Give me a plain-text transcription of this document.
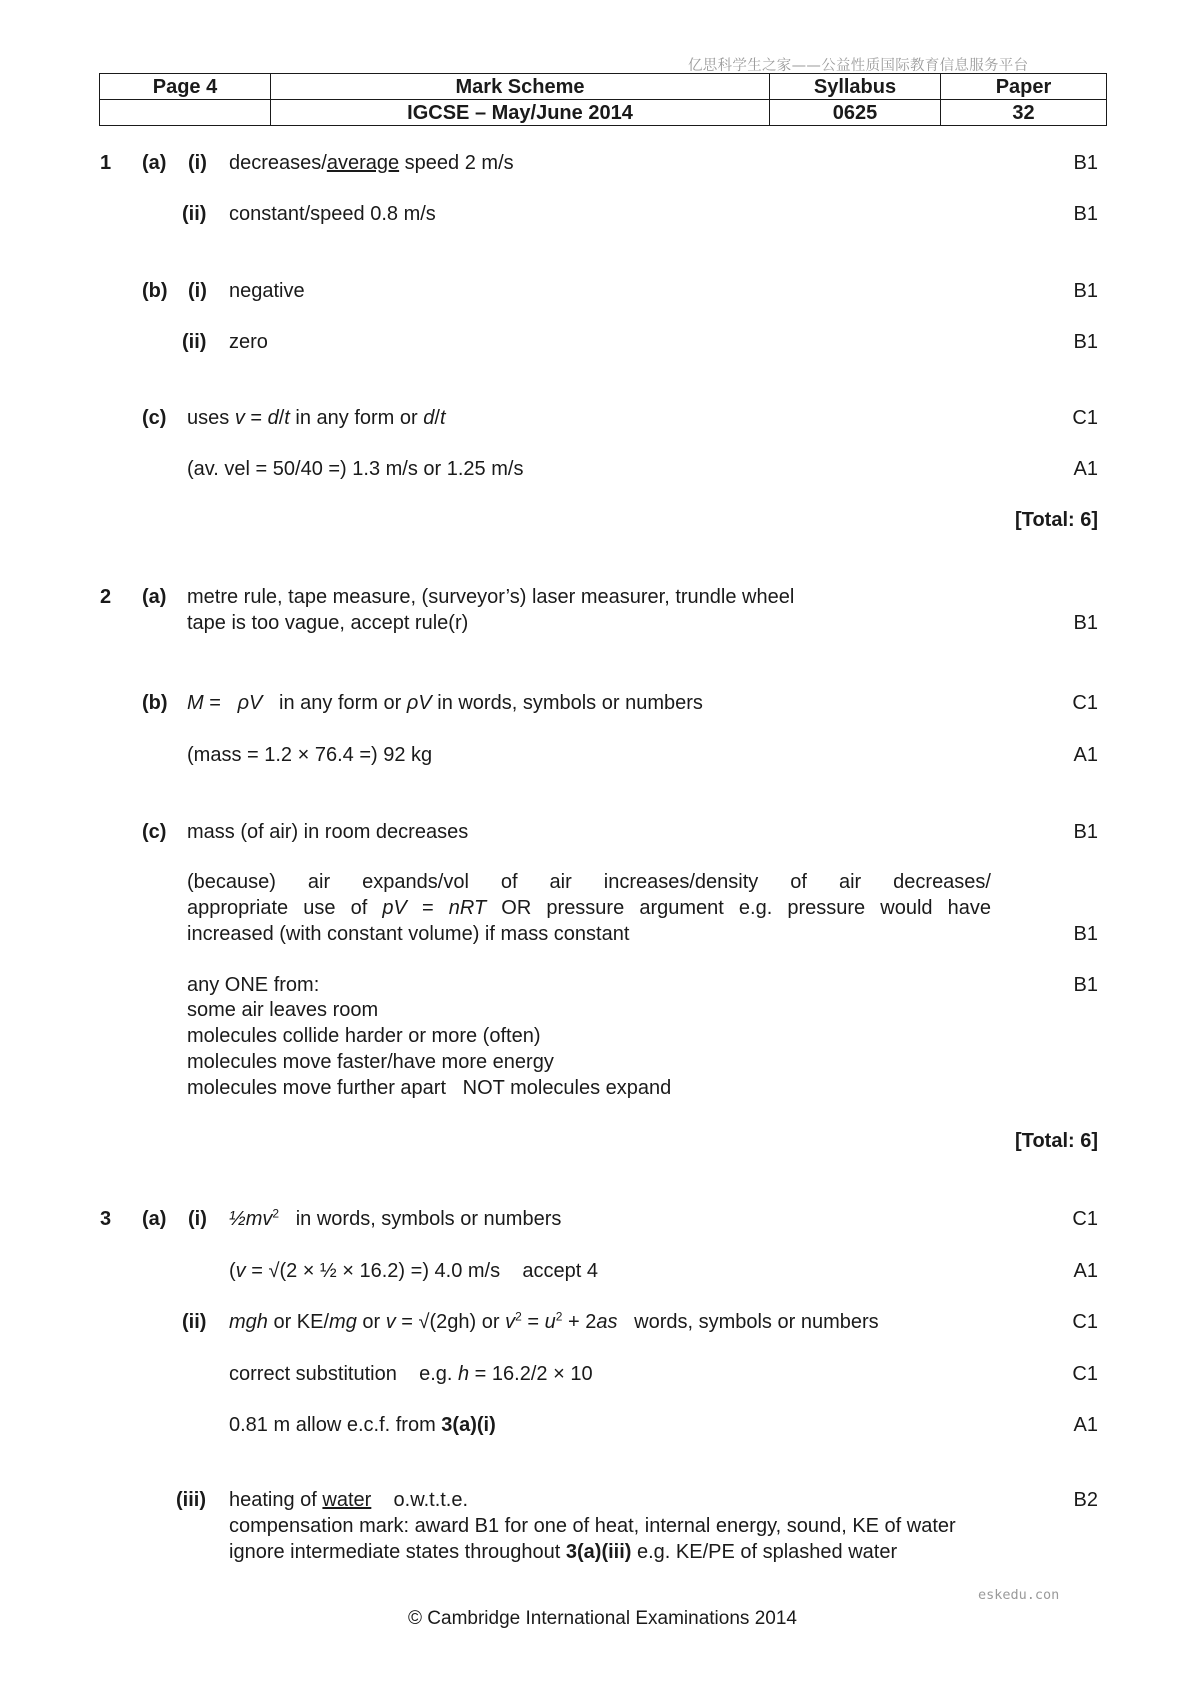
亿思科学生之家——公益性质国际教育信息服务平台
Page 4	Mark Scheme	Syllabus	Paper
	IGCSE – May/June 2014	0625	32
1 (a) (i) decreases/average speed 2 m/s	B1
(ii) constant/speed 0.8 m/s	B1
(b) (i) negative	B1
(ii) zero	B1
(c) uses v = d/t in any form or d/t	C1
(av. vel = 50/40 =) 1.3 m/s or 1.25 m/s	A1
[Total: 6]
2 (a) metre rule, tape measure, (surveyor’s) laser measurer, trundle wheel
tape is too vague, accept rule(r)	B1
(b) M =   ρV   in any form or ρV in words, symbols or numbers	C1
(mass = 1.2 × 76.4 =) 92 kg	A1
(c) mass (of air) in room decreases	B1
(because) air expands/vol of air increases/density of air decreases/
appropriate use of pV = nRT OR pressure argument e.g. pressure would have
increased (with constant volume) if mass constant	B1
any ONE from:	B1
some air leaves room
molecules collide harder or more (often)
molecules move faster/have more energy
molecules move further apart   NOT molecules expand
[Total: 6]
3 (a) (i) $\frac{1}{2}mv^2$   in words, symbols or numbers	C1
(v = √(2 × ½ × 16.2) =) 4.0 m/s    accept 4	A1
(ii) mgh or KE/mg or v = √(2gh) or $v^2 = u^2 + 2as$   words, symbols or numbers	C1
correct substitution    e.g. h = 16.2/2 × 10	C1
0.81 m allow e.c.f. from 3(a)(i)	A1
(iii) heating of water    o.w.t.t.e.	B2
compensation mark: award B1 for one of heat, internal energy, sound, KE of water
ignore intermediate states throughout 3(a)(iii) e.g. KE/PE of splashed water
eskedu.con
© Cambridge International Examinations 2014
